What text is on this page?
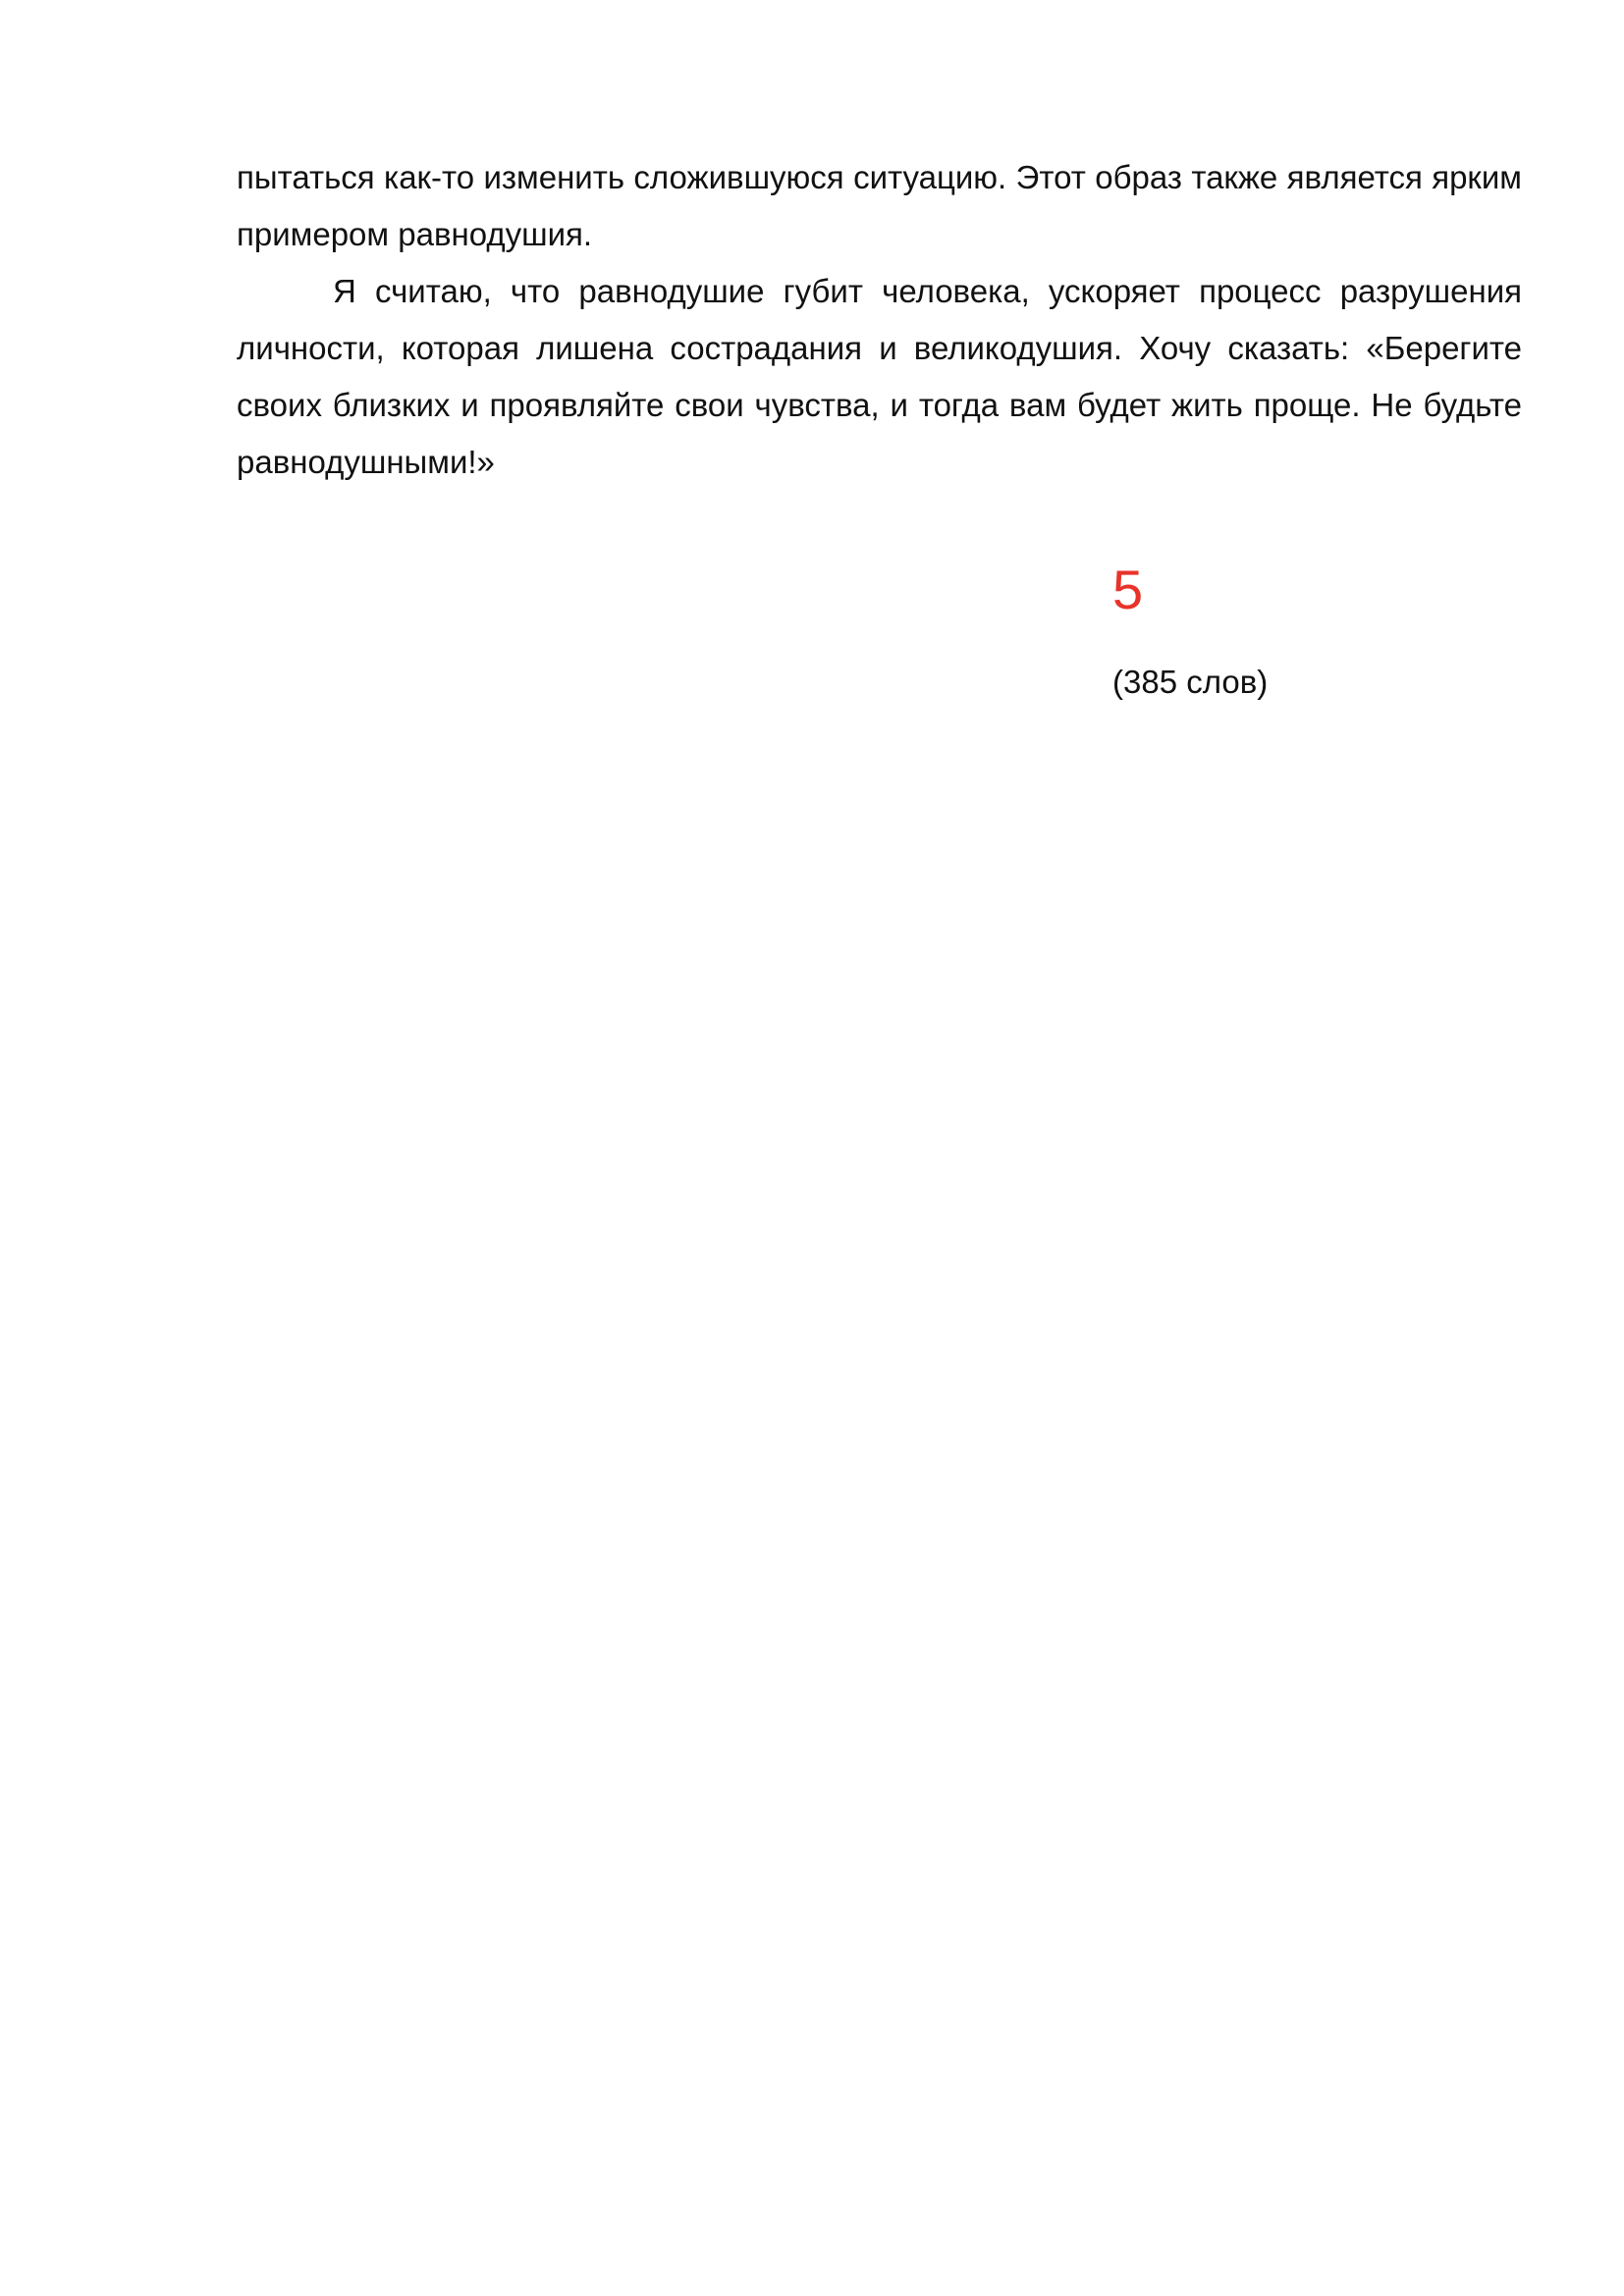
пытаться как-то изменить сложившуюся ситуацию. Этот образ также является ярким примером равнодушия.

Я считаю, что равнодушие губит человека, ускоряет процесс разрушения личности, которая лишена сострадания и великодушия. Хочу сказать: «Берегите своих близких и проявляйте свои чувства, и тогда вам будет жить проще. Не будьте равнодушными!»

5
(385 слов)
